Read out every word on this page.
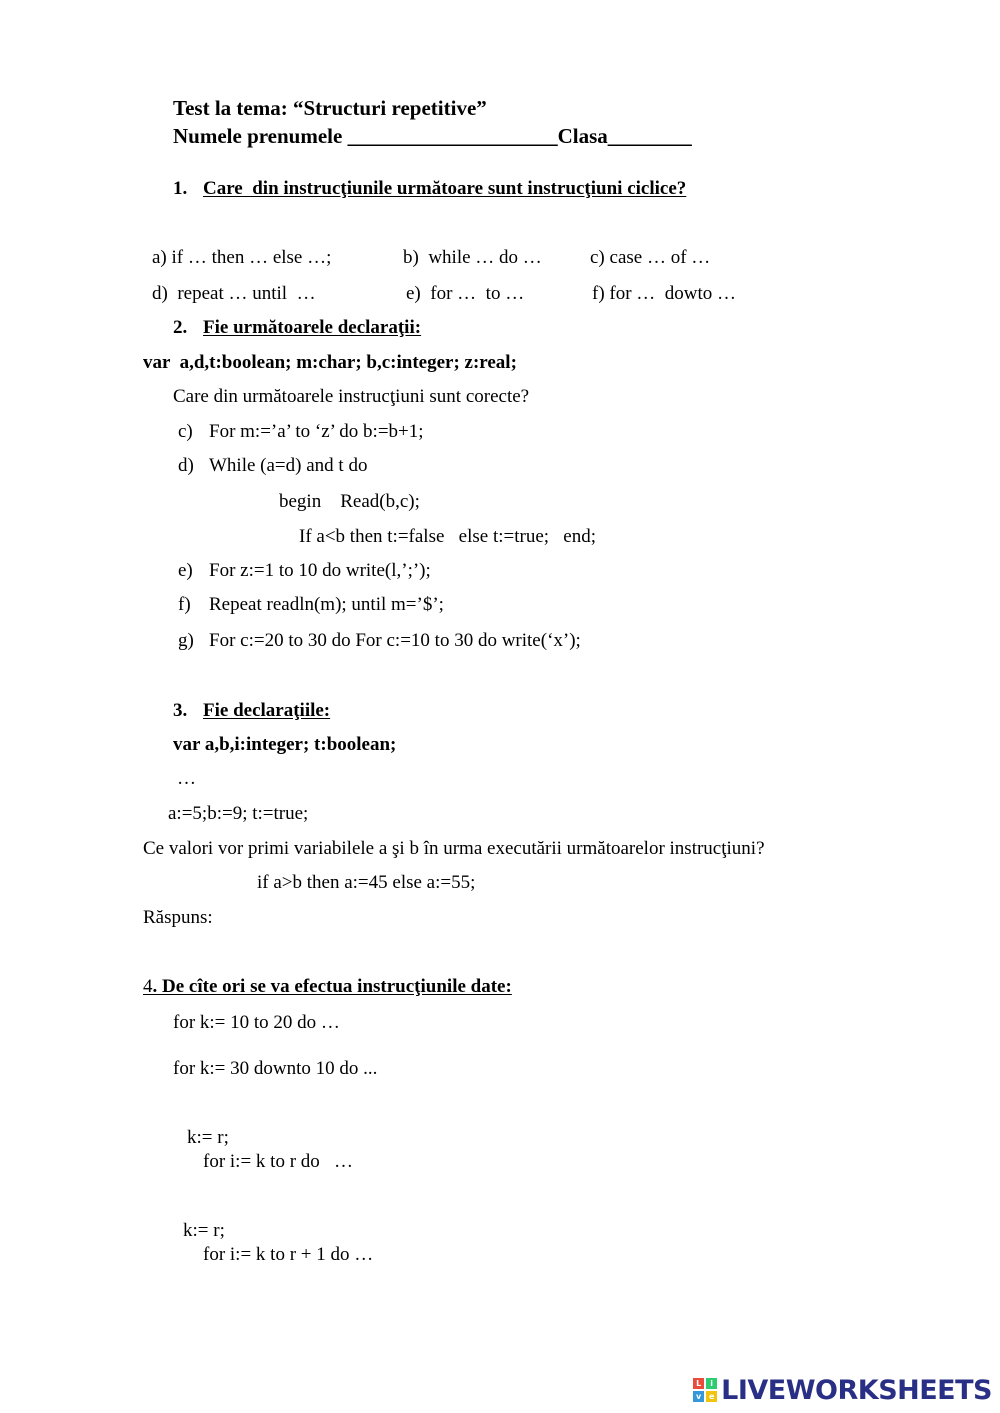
Test la tema: “Structuri repetitive”
Numele prenumele ____________________Clasa________
1. Care  din instrucţiunile următoare sunt instrucţiuni ciclice?
a) if … then … else …;	b)  while … do …	c) case … of …
d)  repeat … until  …	e)  for …  to …	f) for …  dowto …
2. Fie următoarele declaraţii:
var  a,d,t:boolean; m:char; b,c:integer; z:real;
Care din următoarele instrucţiuni sunt corecte?
c) For m:=’a’ to ‘z’ do b:=b+1;
d) While (a=d) and t do
begin    Read(b,c);
If a<b then t:=false   else t:=true;   end;
e) For z:=1 to 10 do write(l,’;’);
f) Repeat readln(m); until m=’$’;
g) For c:=20 to 30 do For c:=10 to 30 do write(‘x’);
3. Fie declaraţiile:
var a,b,i:integer; t:boolean;
…
a:=5;b:=9; t:=true;
Ce valori vor primi variabilele a şi b în urma executării următoarelor instrucţiuni?
if a>b then a:=45 else a:=55;
Răspuns:
4. De cîte ori se va efectua instrucţiunile date:
for k:= 10 to 20 do …
for k:= 30 downto 10 do ...
k:= r;
for i:= k to r do   …
k:= r;
for i:= k to r + 1 do …
L	i
v e LIVEWORKSHEETS
